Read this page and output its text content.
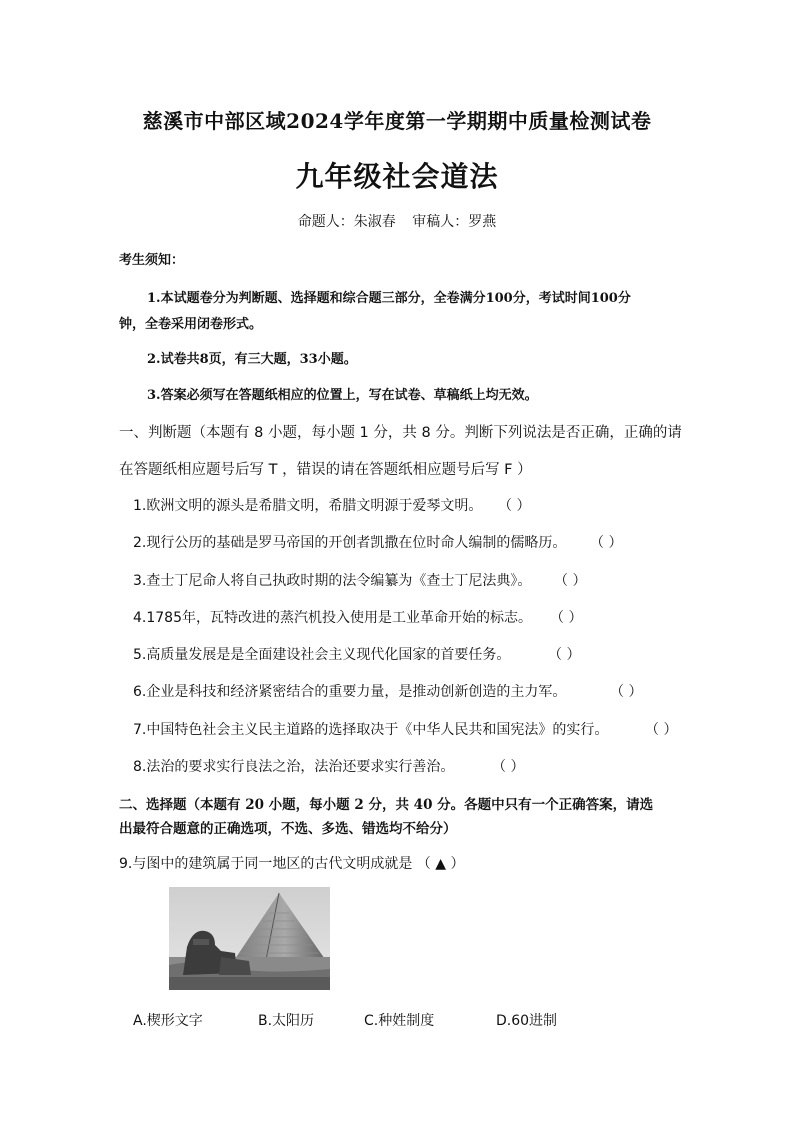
慈溪市中部区域2024学年度第一学期期中质量检测试卷
九年级社会道法
命题人：朱淑春 审稿人：罗燕
考生须知：
1.本试题卷分为判断题、选择题和综合题三部分，全卷满分100分，考试时间100分
钟，全卷采用闭卷形式。
2.试卷共8页，有三大题，33小题。
3.答案必须写在答题纸相应的位置上，写在试卷、草稿纸上均无效。
一、判断题（本题有 8 小题，每小题 1 分，共 8 分。判断下列说法是否正确，正确的请
在答题纸相应题号后写 T ，错误的请在答题纸相应题号后写 F ）
1.欧洲文明的源头是希腊文明，希腊文明源于爱琴文明。 （ ）
2.现行公历的基础是罗马帝国的开创者凯撒在位时命人编制的儒略历。 （ ）
3.查士丁尼命人将自己执政时期的法令编纂为《查士丁尼法典》。 （ ）
4.1785年，瓦特改进的蒸汽机投入使用是工业革命开始的标志。 （ ）
5.高质量发展是是全面建设社会主义现代化国家的首要任务。	（ ）
6.企业是科技和经济紧密结合的重要力量，是推动创新创造的主力军。	（ ）
7.中国特色社会主义民主道路的选择取决于《中华人民共和国宪法》的实行。	（ ）
8.法治的要求实行良法之治，法治还要求实行善治。	（ ）
二、选择题（本题有 20 小题，每小题 2 分，共 40 分。各题中只有一个正确答案，请选
出最符合题意的正确选项，不选、多选、错选均不给分）
9.与图中的建筑属于同一地区的古代文明成就是 （ ▲ ）
A.楔形文字	B.太阳历	C.种姓制度	D.60进制
